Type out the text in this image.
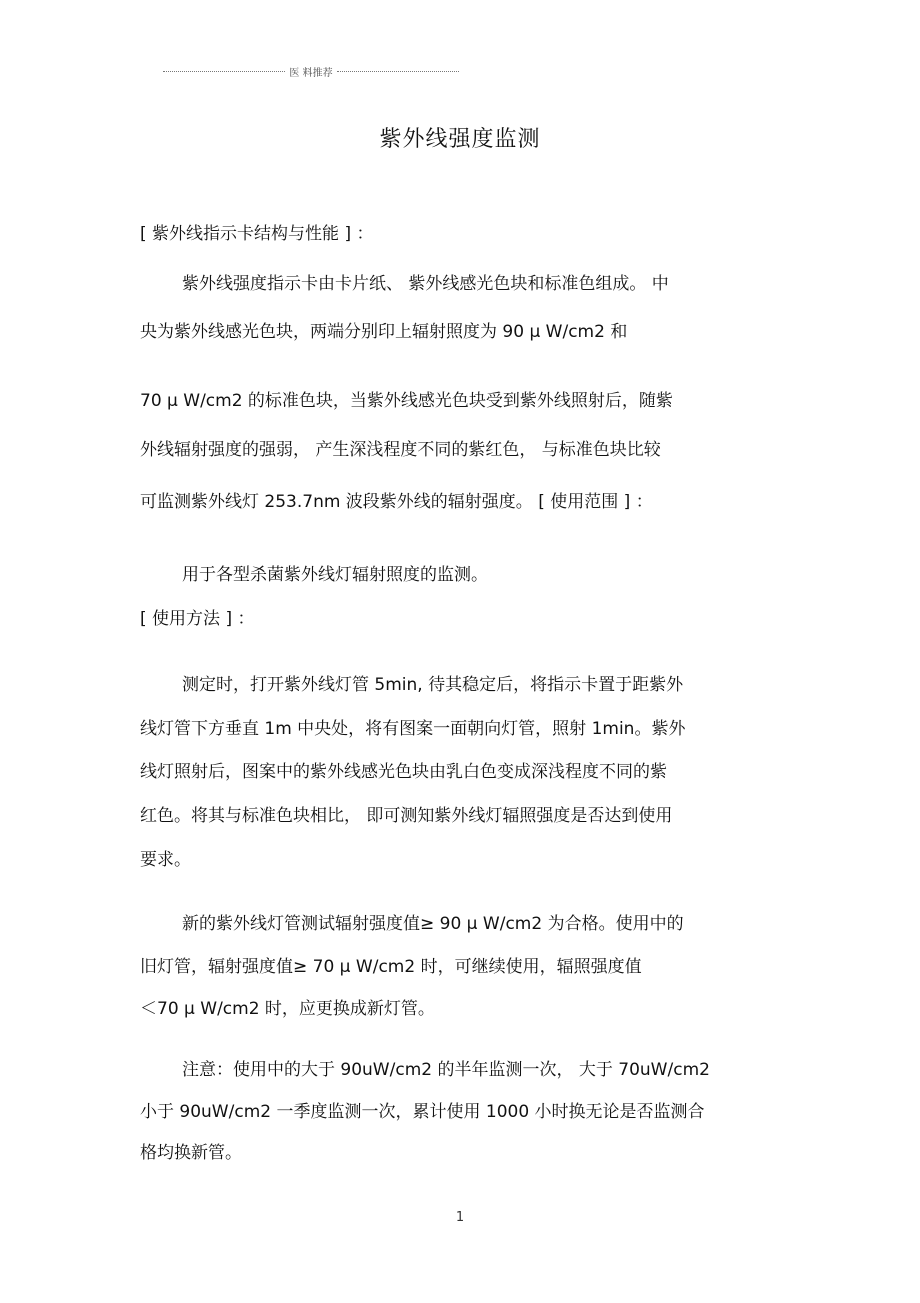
医 料推荐
紫外线强度监测
[ 紫外线指示卡结构与性能 ] ：
紫外线强度指示卡由卡片纸、 紫外线感光色块和标准色组成。 中
央为紫外线感光色块，两端分别印上辐射照度为 90 μ W/cm2 和
70 μ W/cm2 的标准色块，当紫外线感光色块受到紫外线照射后，随紫
外线辐射强度的强弱， 产生深浅程度不同的紫红色， 与标准色块比较
可监测紫外线灯 253.7nm 波段紫外线的辐射强度。 [ 使用范围 ] ：
用于各型杀菌紫外线灯辐射照度的监测。
[ 使用方法 ] ：
测定时，打开紫外线灯管 5min, 待其稳定后，将指示卡置于距紫外
线灯管下方垂直 1m 中央处，将有图案一面朝向灯管，照射 1min。紫外
线灯照射后，图案中的紫外线感光色块由乳白色变成深浅程度不同的紫
红色。将其与标准色块相比， 即可测知紫外线灯辐照强度是否达到使用
要求。
新的紫外线灯管测试辐射强度值≥ 90 μ W/cm2 为合格。使用中的
旧灯管，辐射强度值≥ 70 μ W/cm2 时，可继续使用，辐照强度值
＜70 μ W/cm2 时，应更换成新灯管。
注意：使用中的大于 90uW/cm2 的半年监测一次， 大于 70uW/cm2
小于 90uW/cm2 一季度监测一次，累计使用 1000 小时换无论是否监测合
格均换新管。
1
